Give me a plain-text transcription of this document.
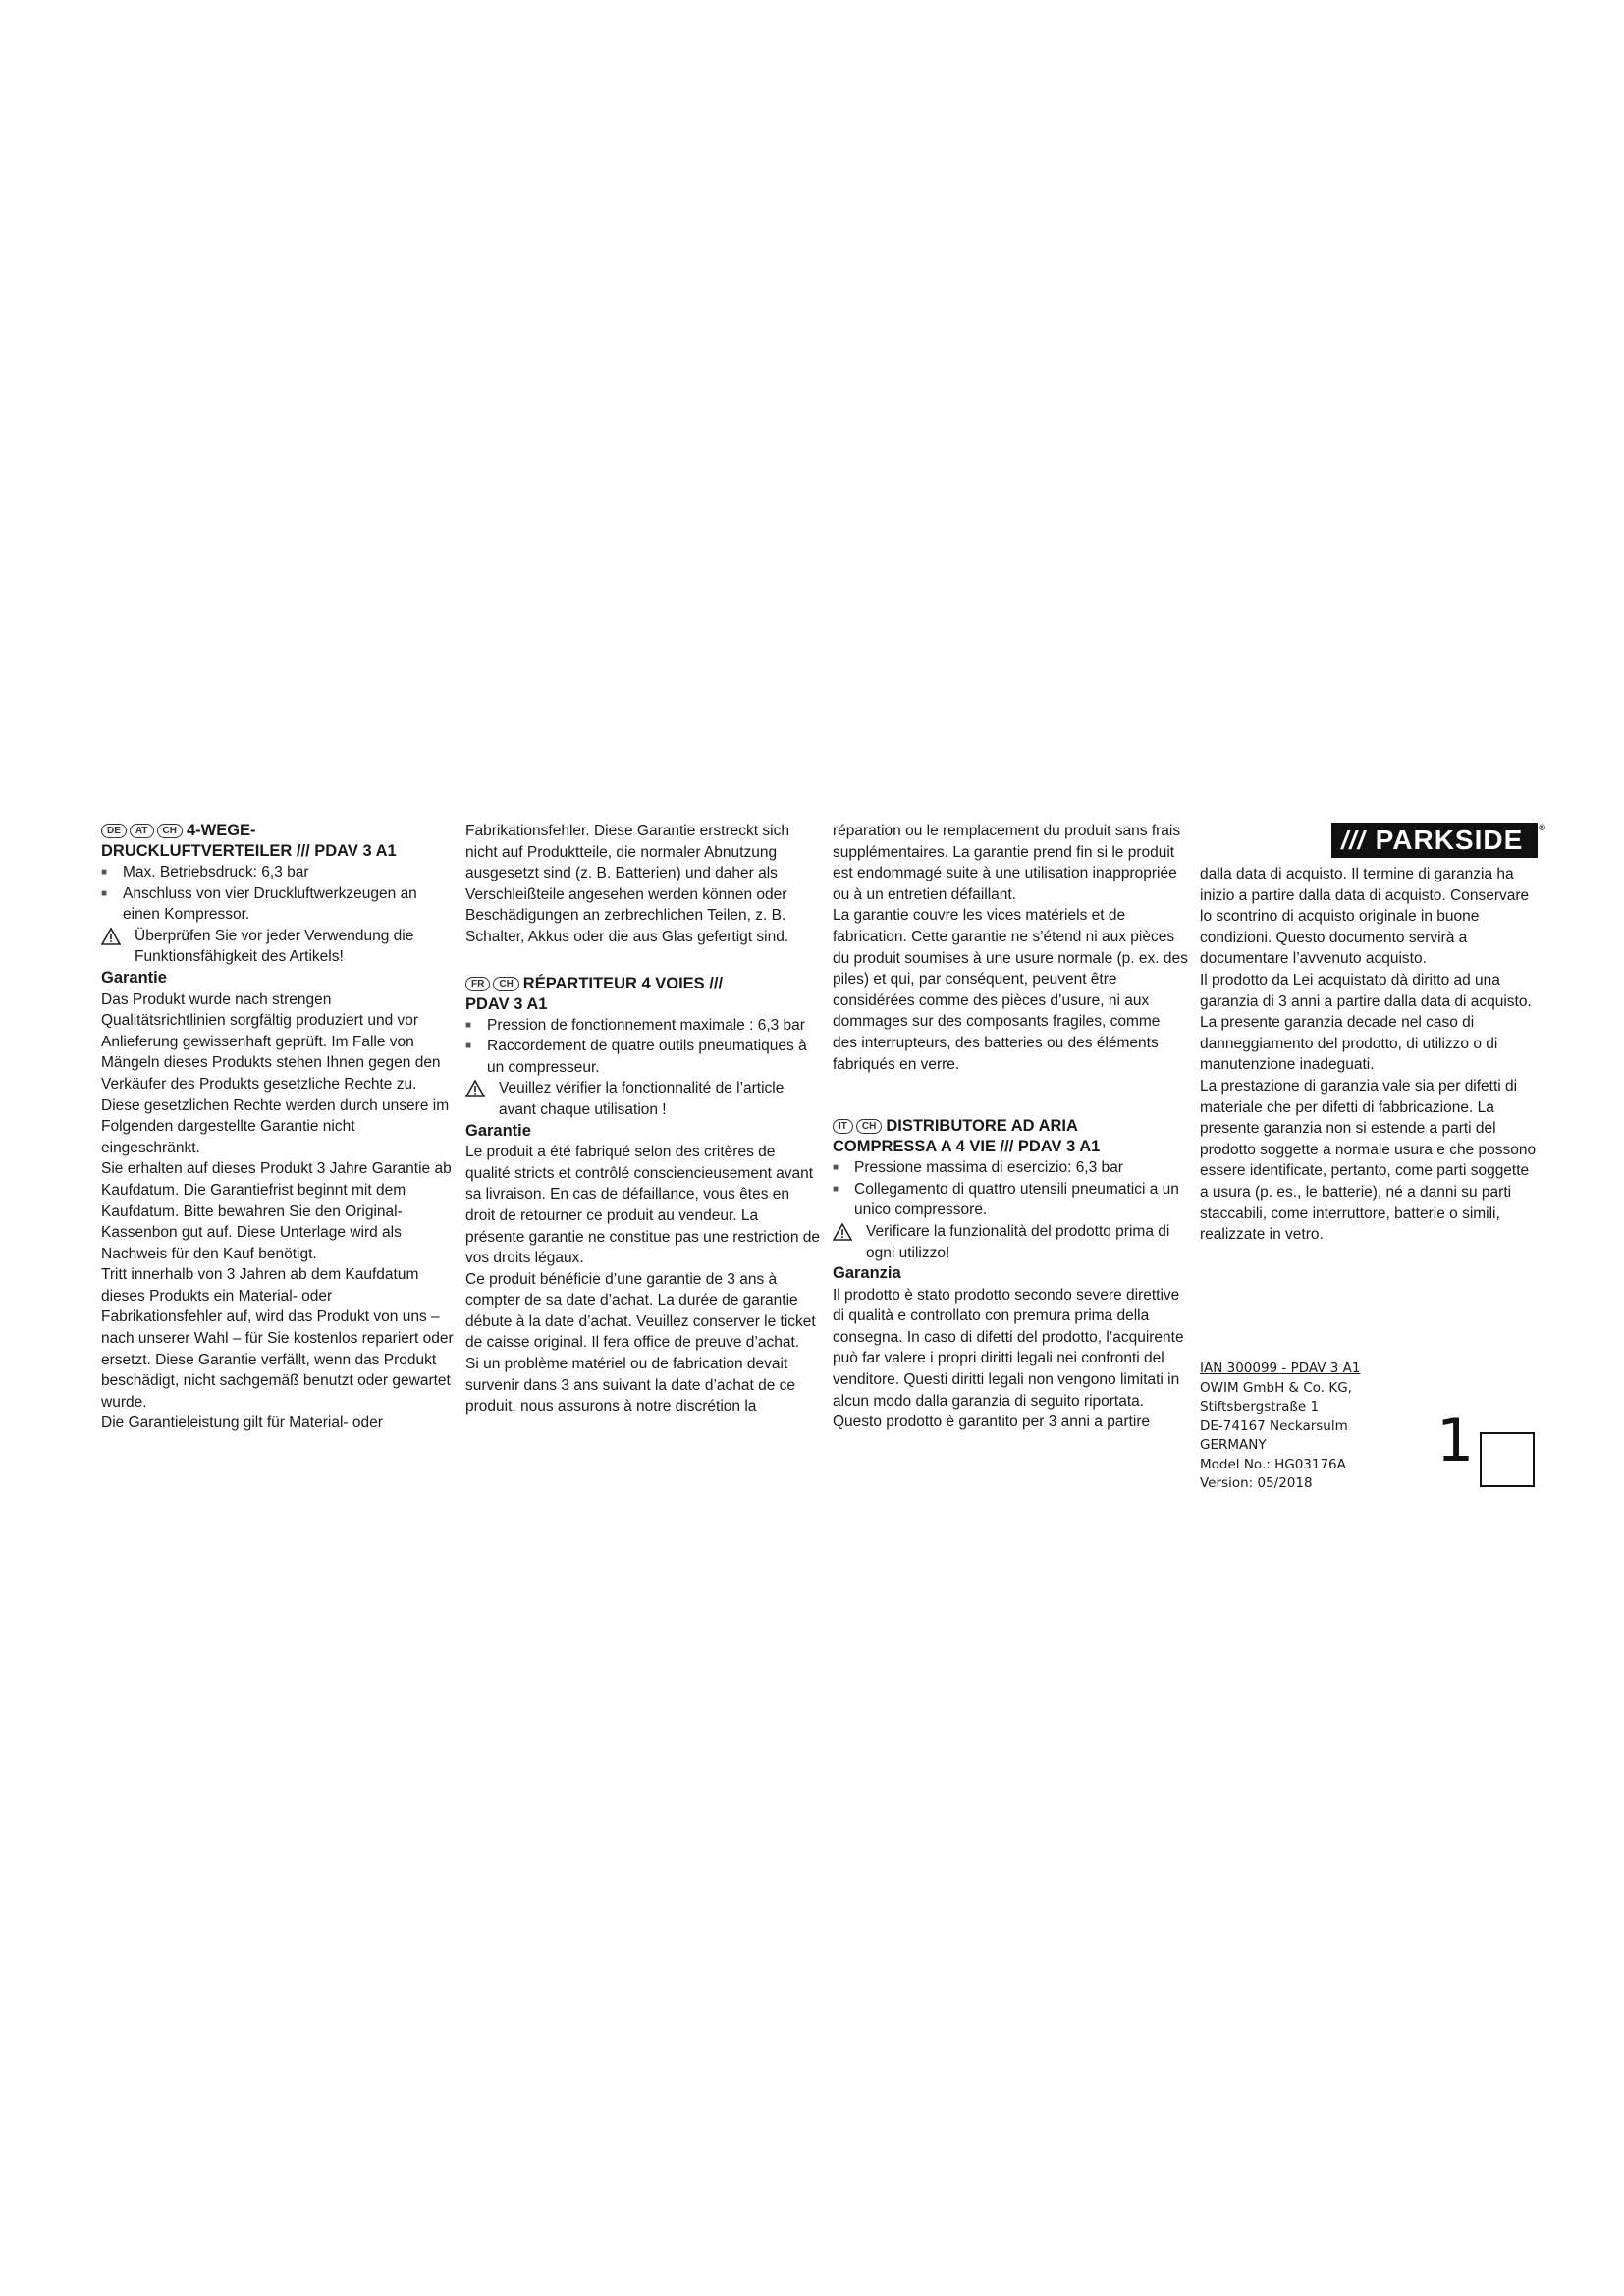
DE	AT	CH 4-WEGE-
DRUCKLUFTVERTEILER /// PDAV 3 A1

■	Max. Betriebsdruck: 6,3 bar
■	Anschluss von vier Druckluftwerkzeugen an einen Kompressor.
Überprüfen Sie vor jeder Verwendung die Funktionsfähigkeit des Artikels!

Garantie

Das Produkt wurde nach strengen Qualitätsrichtlinien sorgfältig produziert und vor Anlieferung gewissenhaft geprüft. Im Falle von Mängeln dieses Produkts stehen Ihnen gegen den Verkäufer des Produkts gesetzliche Rechte zu. Diese gesetzlichen Rechte werden durch unsere im Folgenden dargestellte Garantie nicht eingeschränkt.

Sie erhalten auf dieses Produkt 3 Jahre Garantie ab Kaufdatum. Die Garantiefrist beginnt mit dem Kaufdatum. Bitte bewahren Sie den Original-Kassenbon gut auf. Diese Unterlage wird als Nachweis für den Kauf benötigt.

Tritt innerhalb von 3 Jahren ab dem Kaufdatum dieses Produkts ein Material- oder Fabrikationsfehler auf, wird das Produkt von uns – nach unserer Wahl – für Sie kostenlos repariert oder ersetzt. Diese Garantie verfällt, wenn das Produkt beschädigt, nicht sachgemäß benutzt oder gewartet wurde.

Die Garantieleistung gilt für Material- oder

Fabrikationsfehler. Diese Garantie erstreckt sich nicht auf Produktteile, die normaler Abnutzung ausgesetzt sind (z. B. Batterien) und daher als Verschleißteile angesehen werden können oder Beschädigungen an zerbrechlichen Teilen, z. B. Schalter, Akkus oder die aus Glas gefertigt sind.

FR	CH RÉPARTITEUR 4 VOIES ///
PDAV 3 A1

■	Pression de fonctionnement maximale : 6,3 bar
■	Raccordement de quatre outils pneumatiques à un compresseur.
Veuillez vérifier la fonctionnalité de l’article avant chaque utilisation !

Garantie

Le produit a été fabriqué selon des critères de qualité stricts et contrôlé consciencieusement avant sa livraison. En cas de défaillance, vous êtes en droit de retourner ce produit au vendeur. La présente garantie ne constitue pas une restriction de vos droits légaux.

Ce produit bénéficie d’une garantie de 3 ans à compter de sa date d’achat. La durée de garantie débute à la date d’achat. Veuillez conserver le ticket de caisse original. Il fera office de preuve d’achat.

Si un problème matériel ou de fabrication devait survenir dans 3 ans suivant la date d’achat de ce produit, nous assurons à notre discrétion la

réparation ou le remplacement du produit sans frais supplémentaires. La garantie prend fin si le produit est endommagé suite à une utilisation inappropriée ou à un entretien défaillant.

La garantie couvre les vices matériels et de fabrication. Cette garantie ne s’étend ni aux pièces du produit soumises à une usure normale (p. ex. des piles) et qui, par conséquent, peuvent être considérées comme des pièces d’usure, ni aux dommages sur des composants fragiles, comme des interrupteurs, des batteries ou des éléments fabriqués en verre.

IT	CH DISTRIBUTORE AD ARIA
COMPRESSA A 4 VIE /// PDAV 3 A1

■	Pressione massima di esercizio: 6,3 bar
■	Collegamento di quattro utensili pneumatici a un unico compressore.
Verificare la funzionalità del prodotto prima di ogni utilizzo!

Garanzia

Il prodotto è stato prodotto secondo severe direttive di qualità e controllato con premura prima della consegna. In caso di difetti del prodotto, l’acquirente può far valere i propri diritti legali nei confronti del venditore. Questi diritti legali non vengono limitati in alcun modo dalla garanzia di seguito riportata.

Questo prodotto è garantito per 3 anni a partire

dalla data di acquisto. Il termine di garanzia ha inizio a partire dalla data di acquisto. Conservare lo scontrino di acquisto originale in buone condizioni. Questo documento servirà a documentare l’avvenuto acquisto.

Il prodotto da Lei acquistato dà diritto ad una garanzia di 3 anni a partire dalla data di acquisto. La presente garanzia decade nel caso di danneggiamento del prodotto, di utilizzo o di manutenzione inadeguati.

La prestazione di garanzia vale sia per difetti di materiale che per difetti di fabbricazione. La presente garanzia non si estende a parti del prodotto soggette a normale usura e che possono essere identificate, pertanto, come parti soggette a usura (p. es., le batterie), né a danni su parti staccabili, come interruttore, batterie o simili, realizzate in vetro.

/// PARKSIDE ®

IAN 300099 - PDAV 3 A1

OWIM GmbH & Co. KG,

Stiftsbergstraße 1

DE-74167 Neckarsulm

GERMANY

Model No.: HG03176A

Version: 05/2018

1
